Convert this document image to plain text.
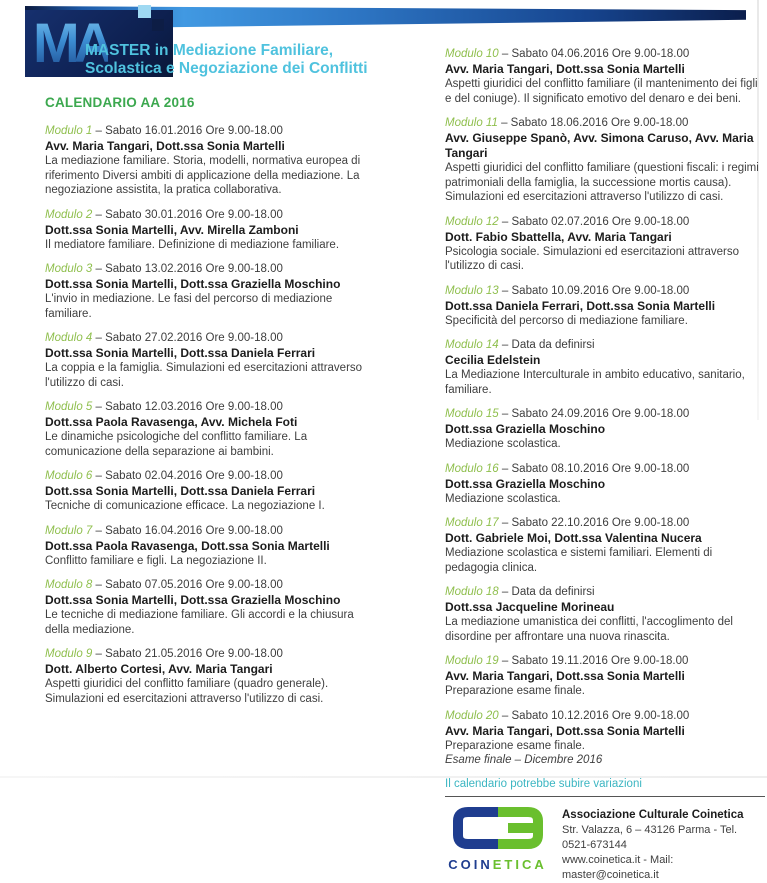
MA
MASTER in Mediazione Familiare,
Scolastica e Negoziazione dei Conflitti
CALENDARIO AA 2016
Modulo 1 – Sabato 16.01.2016 Ore 9.00-18.00
Avv. Maria Tangari, Dott.ssa Sonia Martelli
La mediazione familiare. Storia, modelli, normativa europea di riferimento Diversi ambiti di applicazione della mediazione. La negoziazione assistita, la pratica collaborativa.
Modulo 2 – Sabato 30.01.2016 Ore 9.00-18.00
Dott.ssa Sonia Martelli, Avv. Mirella Zamboni
Il mediatore familiare. Definizione di mediazione familiare.
Modulo 3 – Sabato 13.02.2016 Ore 9.00-18.00
Dott.ssa Sonia Martelli, Dott.ssa Graziella Moschino
L'invio in mediazione. Le fasi del percorso di mediazione familiare.
Modulo 4 – Sabato 27.02.2016 Ore 9.00-18.00
Dott.ssa Sonia Martelli, Dott.ssa Daniela Ferrari
La coppia e la famiglia. Simulazioni ed esercitazioni attraverso l'utilizzo di casi.
Modulo 5 – Sabato 12.03.2016 Ore 9.00-18.00
Dott.ssa Paola Ravasenga, Avv. Michela Foti
Le dinamiche psicologiche del conflitto familiare. La comunicazione della separazione ai bambini.
Modulo 6 – Sabato 02.04.2016 Ore 9.00-18.00
Dott.ssa Sonia Martelli, Dott.ssa Daniela Ferrari
Tecniche di comunicazione efficace. La negoziazione I.
Modulo 7 – Sabato 16.04.2016 Ore 9.00-18.00
Dott.ssa Paola Ravasenga, Dott.ssa Sonia Martelli
Conflitto familiare e figli. La negoziazione II.
Modulo 8 – Sabato 07.05.2016 Ore 9.00-18.00
Dott.ssa Sonia Martelli, Dott.ssa Graziella Moschino
Le tecniche di mediazione familiare. Gli accordi e la chiusura della mediazione.
Modulo 9 – Sabato 21.05.2016 Ore 9.00-18.00
Dott. Alberto Cortesi, Avv. Maria Tangari
Aspetti giuridici del conflitto familiare (quadro generale). Simulazioni ed esercitazioni attraverso l'utilizzo di casi.
Modulo 10 – Sabato 04.06.2016 Ore 9.00-18.00
Avv. Maria Tangari, Dott.ssa Sonia Martelli
Aspetti giuridici del conflitto familiare (il mantenimento dei figli e del coniuge). Il significato emotivo del denaro e dei beni.
Modulo 11 – Sabato 18.06.2016 Ore 9.00-18.00
Avv. Giuseppe Spanò, Avv. Simona Caruso, Avv. Maria Tangari
Aspetti giuridici del conflitto familiare (questioni fiscali: i regimi patrimoniali della famiglia, la successione mortis causa). Simulazioni ed esercitazioni attraverso l'utilizzo di casi.
Modulo 12 – Sabato 02.07.2016 Ore 9.00-18.00
Dott. Fabio Sbattella, Avv. Maria Tangari
Psicologia sociale. Simulazioni ed esercitazioni attraverso l'utilizzo di casi.
Modulo 13 – Sabato 10.09.2016 Ore 9.00-18.00
Dott.ssa Daniela Ferrari, Dott.ssa Sonia Martelli
Specificità del percorso di mediazione familiare.
Modulo 14 – Data da definirsi
Cecilia Edelstein
La Mediazione Interculturale in ambito educativo, sanitario, familiare.
Modulo 15 – Sabato 24.09.2016 Ore 9.00-18.00
Dott.ssa Graziella Moschino
Mediazione scolastica.
Modulo 16 – Sabato 08.10.2016 Ore 9.00-18.00
Dott.ssa Graziella Moschino
Mediazione scolastica.
Modulo 17 – Sabato 22.10.2016 Ore 9.00-18.00
Dott. Gabriele Moi, Dott.ssa Valentina Nucera
Mediazione scolastica e sistemi familiari. Elementi di pedagogia clinica.
Modulo 18 – Data da definirsi
Dott.ssa Jacqueline Morineau
La mediazione umanistica dei conflitti, l'accoglimento del disordine per affrontare una nuova rinascita.
Modulo 19 – Sabato 19.11.2016 Ore 9.00-18.00
Avv. Maria Tangari, Dott.ssa Sonia Martelli
Preparazione esame finale.
Modulo 20 – Sabato 10.12.2016 Ore 9.00-18.00
Avv. Maria Tangari, Dott.ssa Sonia Martelli
Preparazione esame finale.
Esame finale – Dicembre 2016
Il calendario potrebbe subire variazioni
COINETICA
Associazione Culturale Coinetica
Str. Valazza, 6 – 43126 Parma - Tel. 0521-673144
www.coinetica.it - Mail: master@coinetica.it
